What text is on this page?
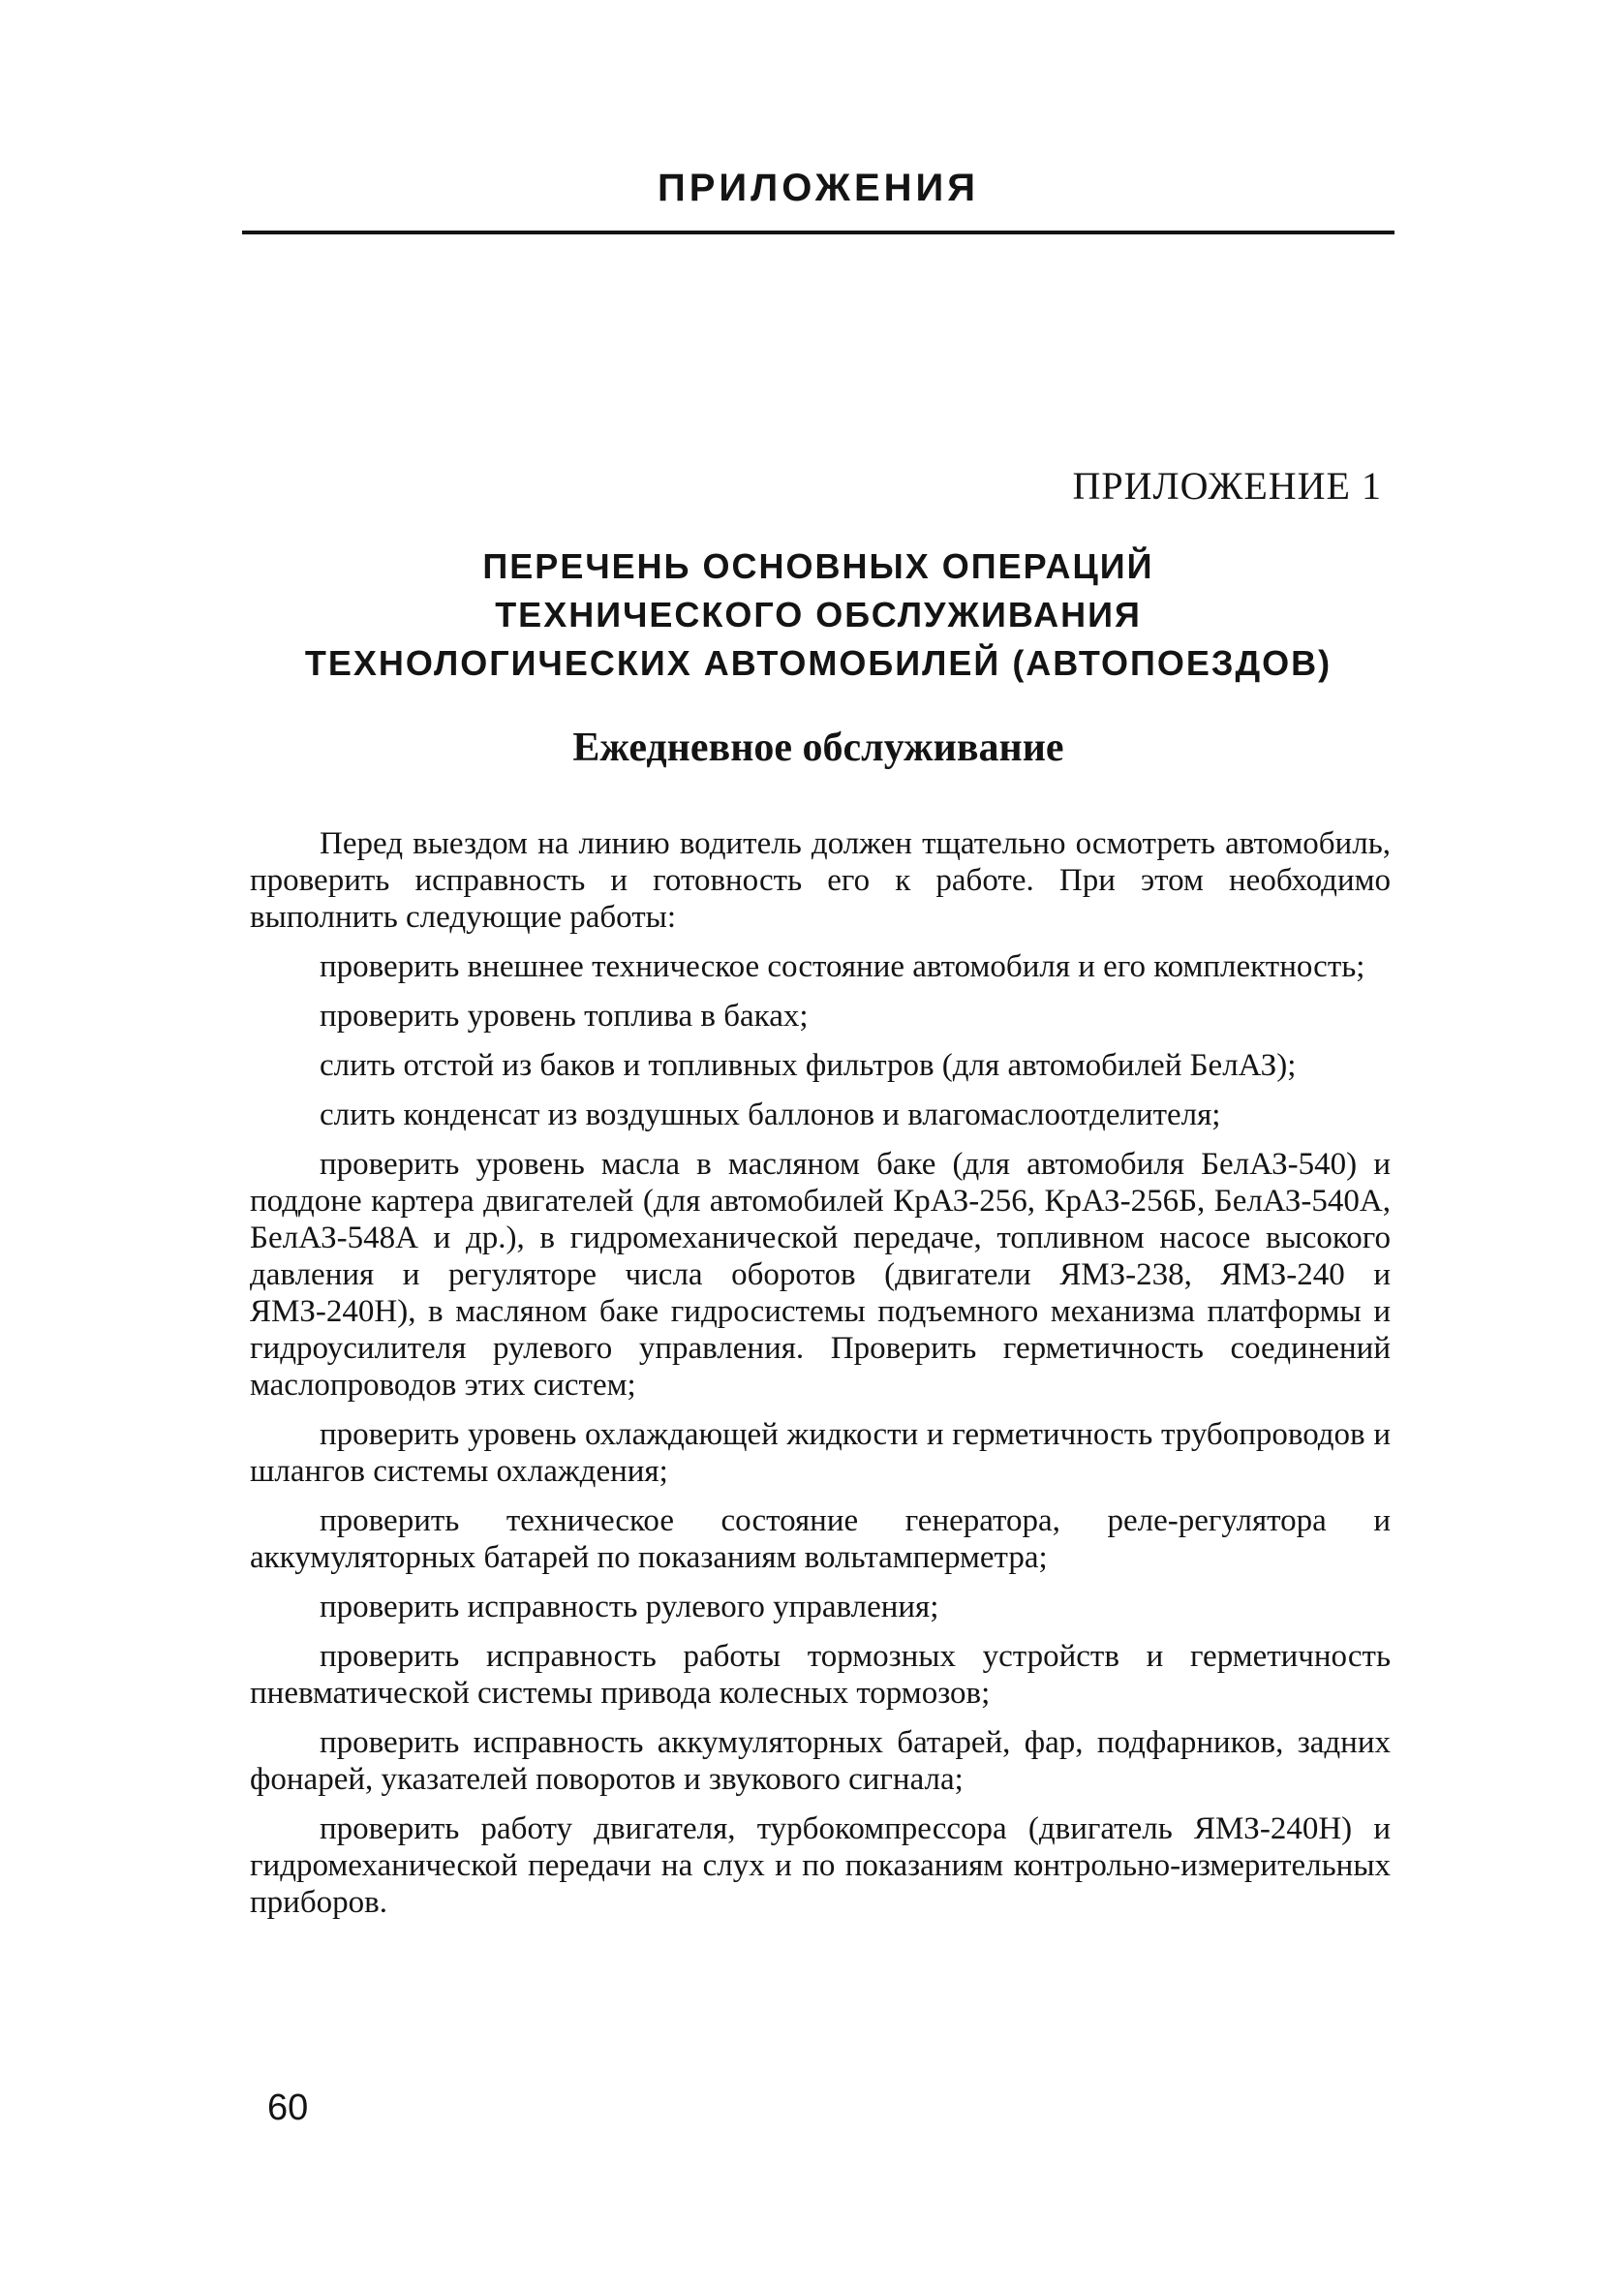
ПРИЛОЖЕНИЯ
ПРИЛОЖЕНИЕ 1
ПЕРЕЧЕНЬ ОСНОВНЫХ ОПЕРАЦИЙ
ТЕХНИЧЕСКОГО ОБСЛУЖИВАНИЯ
ТЕХНОЛОГИЧЕСКИХ АВТОМОБИЛЕЙ (АВТОПОЕЗДОВ)
Ежедневное обслуживание

Перед выездом на линию водитель должен тщательно осмотреть автомобиль, проверить исправность и готовность его к работе. При этом необходимо выполнить следующие работы:

проверить внешнее техническое состояние автомобиля и его комплектность;

проверить уровень топлива в баках;

слить отстой из баков и топливных фильтров (для автомобилей БелАЗ);

слить конденсат из воздушных баллонов и влагомаслоотделителя;

проверить уровень масла в масляном баке (для автомобиля БелАЗ-540) и поддоне картера двигателей (для автомобилей КрАЗ-256, КрАЗ-256Б, БелАЗ-540А, БелАЗ-548А и др.), в гидромеханической передаче, топливном насосе высокого давления и регуляторе числа оборотов (двигатели ЯМЗ-238, ЯМЗ-240 и ЯМЗ-240Н), в масляном баке гидросистемы подъемного механизма платформы и гидроусилителя рулевого управления. Проверить герметичность соединений маслопроводов этих систем;

проверить уровень охлаждающей жидкости и герметичность трубопроводов и шлангов системы охлаждения;

проверить техническое состояние генератора, реле-регулятора и аккумуляторных батарей по показаниям вольтамперметра;

проверить исправность рулевого управления;

проверить исправность работы тормозных устройств и герметичность пневматической системы привода колесных тормозов;

проверить исправность аккумуляторных батарей, фар, подфарников, задних фонарей, указателей поворотов и звукового сигнала;

проверить работу двигателя, турбокомпрессора (двигатель ЯМЗ-240Н) и гидромеханической передачи на слух и по показаниям контрольно-измерительных приборов.

60
